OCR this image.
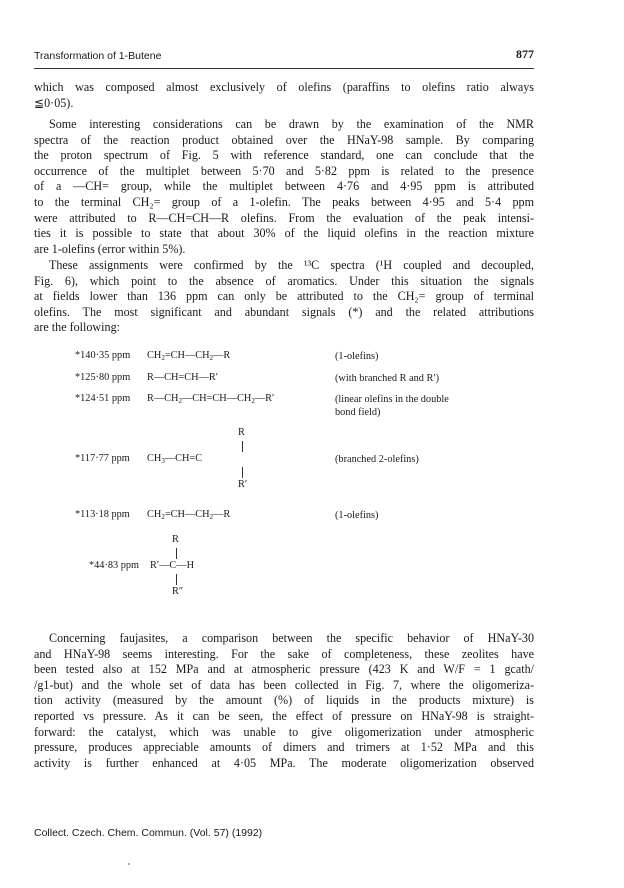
Transformation of 1-Butene	877
which was composed almost exclusively of olefins (paraffins to olefins ratio always
≦0·05).
Some interesting considerations can be drawn by the examination of the NMR
spectra of the reaction product obtained over the HNaY-98 sample. By comparing
the proton spectrum of Fig. 5 with reference standard, one can conclude that the
occurrence of the multiplet between 5·70 and 5·82 ppm is related to the presence
of a —CH= group, while the multiplet between 4·76 and 4·95 ppm is attributed
to the terminal CH₂= group of a 1-olefin. The peaks between 4·95 and 5·4 ppm
were attributed to R—CH=CH—R olefins. From the evaluation of the peak intensi-
ties it is possible to state that about 30% of the liquid olefins in the reaction mixture
are 1-olefins (error within 5%).
These assignments were confirmed by the ¹³C spectra (¹H coupled and decoupled,
Fig. 6), which point to the absence of aromatics. Under this situation the signals
at fields lower than 136 ppm can only be attributed to the CH₂= group of terminal
olefins. The most significant and abundant signals (*) and the related attributions
are the following:
*140·35 ppm $CH_2=CH—CH_2—R$	(1-olefins)
*125·80 ppm R—CH=CH—R′	(with branched R and R′)
*124·51 ppm $R—CH_2—CH=CH—CH_2—R'$	(linear olefins in the double
bond field)
R
*117·77 ppm $CH_3—CH=C$	(branched 2-olefins)
R′
*113·18 ppm $CH_2=CH—CH_2—R$	(1-olefins)
R
*44·83 ppm R′—C—H
R″
Concerning faujasites, a comparison between the specific behavior of HNaY-30
and HNaY-98 seems interesting. For the sake of completeness, these zeolites have
been tested also at 152 MPa and at atmospheric pressure (423 K and W/F = 1 gcath/
/g1-but) and the whole set of data has been collected in Fig. 7, where the oligomeriza-
tion activity (measured by the amount (%) of liquids in the products mixture) is
reported vs pressure. As it can be seen, the effect of pressure on HNaY-98 is straight-
forward: the catalyst, which was unable to give oligomerization under atmospheric
pressure, produces appreciable amounts of dimers and trimers at 1·52 MPa and this
activity is further enhanced at 4·05 MPa. The moderate oligomerization observed
Collect. Czech. Chem. Commun. (Vol. 57) (1992)
